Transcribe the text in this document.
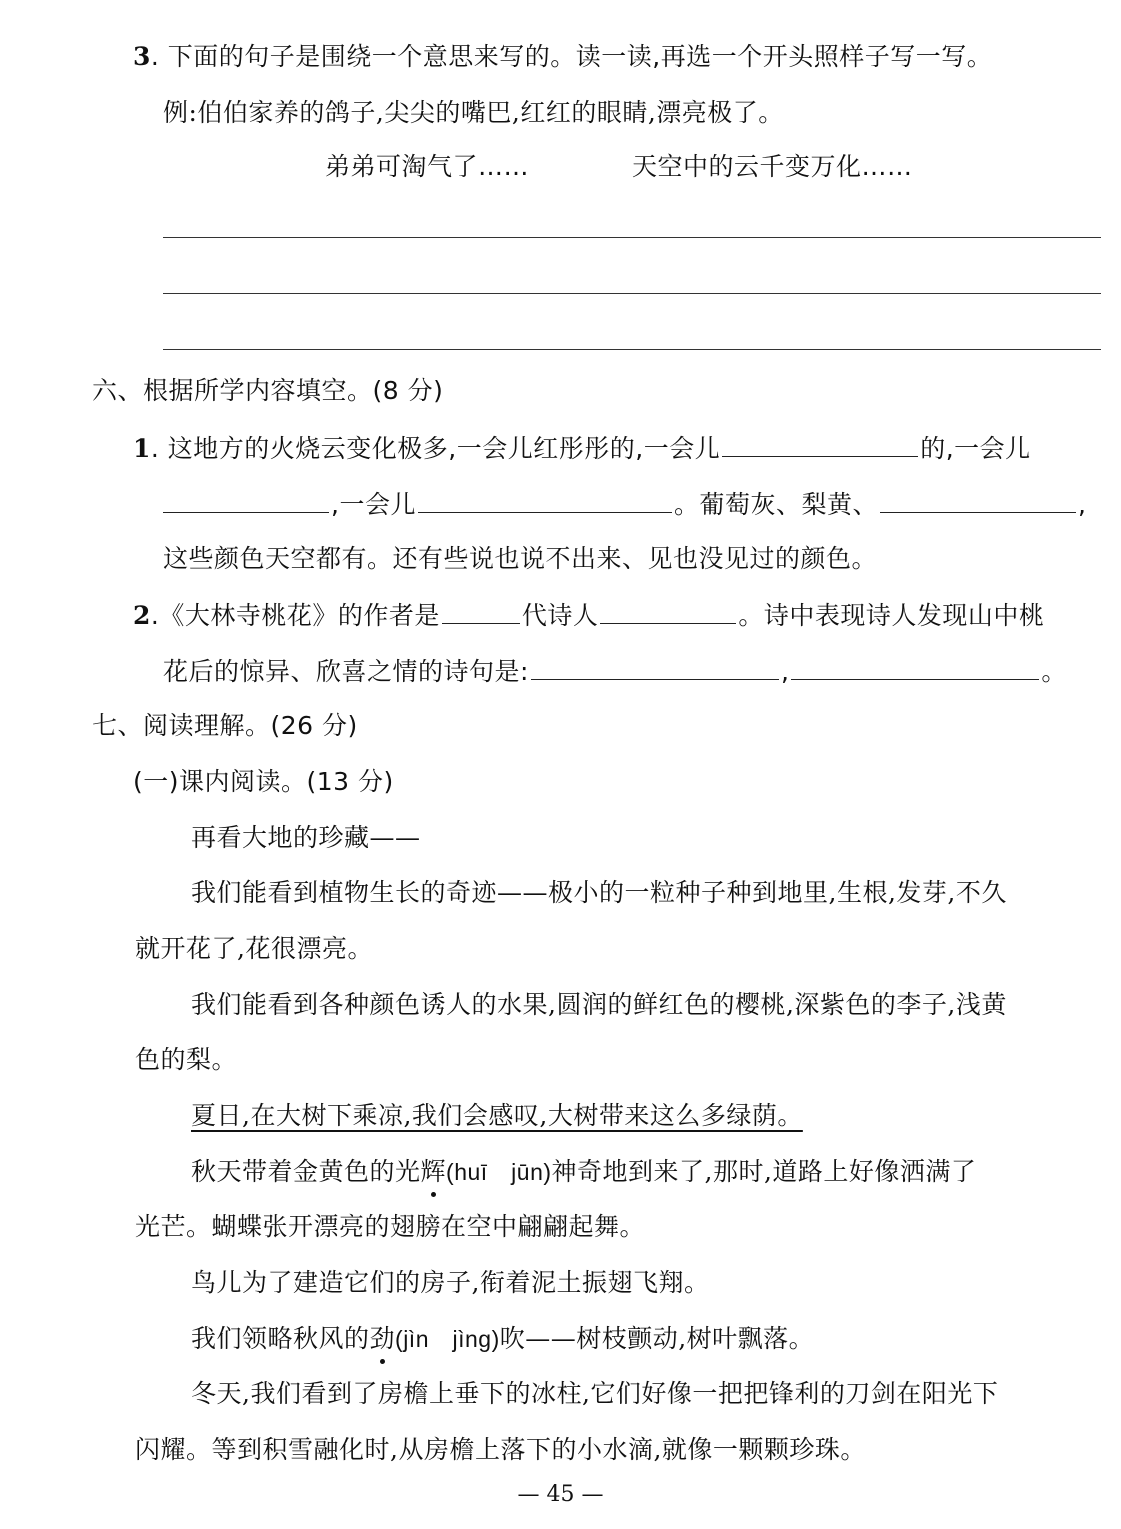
3. 下面的句子是围绕一个意思来写的。读一读,再选一个开头照样子写一写。
例:伯伯家养的鸽子,尖尖的嘴巴,红红的眼睛,漂亮极了。
弟弟可淘气了……	天空中的云千变万化……
六、根据所学内容填空。(8 分)
1. 这地方的火烧云变化极多,一会儿红彤彤的,一会儿	的,一会儿
,一会儿	。葡萄灰、梨黄、	,
这些颜色天空都有。还有些说也说不出来、见也没见过的颜色。
2.《大林寺桃花》的作者是	代诗人	。诗中表现诗人发现山中桃
花后的惊异、欣喜之情的诗句是:	,	。
七、阅读理解。(26 分)
(一)课内阅读。(13 分)
再看大地的珍藏——
我们能看到植物生长的奇迹——极小的一粒种子种到地里,生根,发芽,不久
就开花了,花很漂亮。
我们能看到各种颜色诱人的水果,圆润的鲜红色的樱桃,深紫色的李子,浅黄
色的梨。
夏日,在大树下乘凉,我们会感叹,大树带来这么多绿荫。
秋天带着金黄色的光辉(huī　jūn)神奇地到来了,那时,道路上好像洒满了
光芒。蝴蝶张开漂亮的翅膀在空中翩翩起舞。
鸟儿为了建造它们的房子,衔着泥土振翅飞翔。
我们领略秋风的劲(jìn　jìng)吹——树枝颤动,树叶飘落。
冬天,我们看到了房檐上垂下的冰柱,它们好像一把把锋利的刀剑在阳光下
闪耀。等到积雪融化时,从房檐上落下的小水滴,就像一颗颗珍珠。
— 45 —
